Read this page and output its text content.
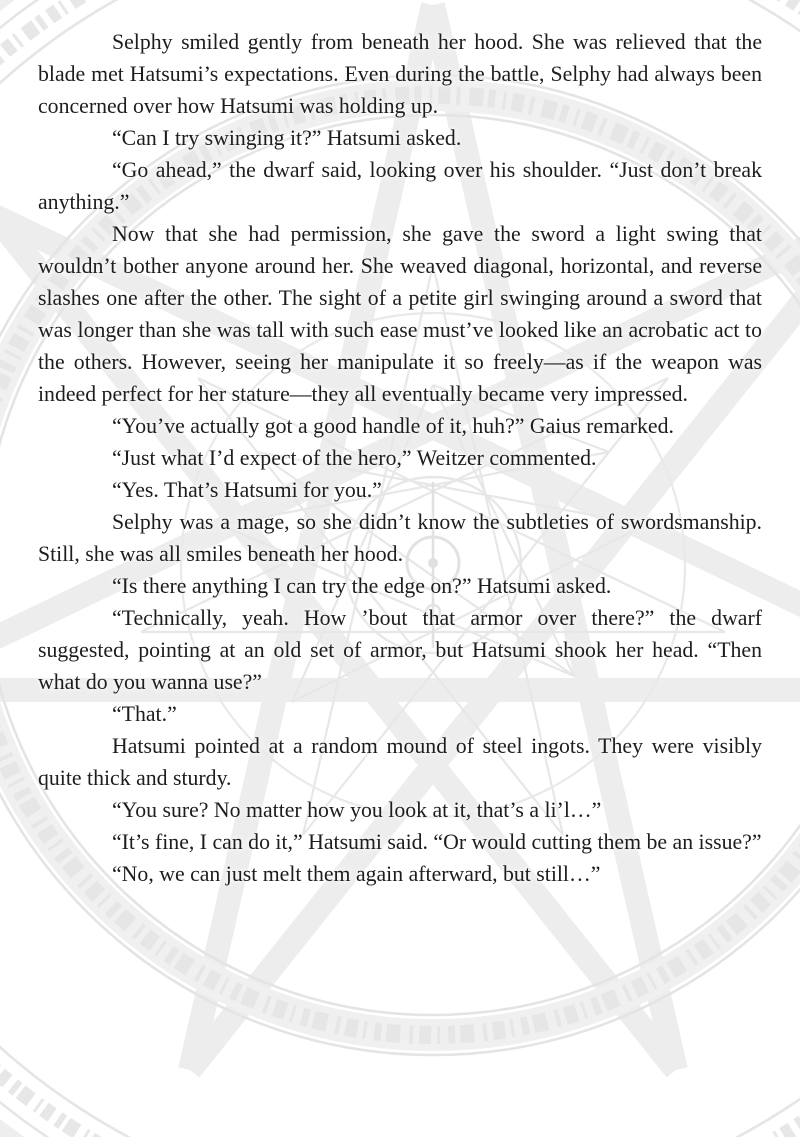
Selphy smiled gently from beneath her hood. She was relieved that the blade met Hatsumi’s expectations. Even during the battle, Selphy had always been concerned over how Hatsumi was holding up.

“Can I try swinging it?” Hatsumi asked.

“Go ahead,” the dwarf said, looking over his shoulder. “Just don’t break anything.”

Now that she had permission, she gave the sword a light swing that wouldn’t bother anyone around her. She weaved diagonal, horizontal, and reverse slashes one after the other. The sight of a petite girl swinging around a sword that was longer than she was tall with such ease must’ve looked like an acrobatic act to the others. However, seeing her manipulate it so freely—as if the weapon was indeed perfect for her stature—they all eventually became very impressed.

“You’ve actually got a good handle of it, huh?” Gaius remarked.

“Just what I’d expect of the hero,” Weitzer commented.

“Yes. That’s Hatsumi for you.”

Selphy was a mage, so she didn’t know the subtleties of swordsmanship. Still, she was all smiles beneath her hood.

“Is there anything I can try the edge on?” Hatsumi asked.

“Technically, yeah. How ’bout that armor over there?” the dwarf suggested, pointing at an old set of armor, but Hatsumi shook her head. “Then what do you wanna use?”

“That.”

Hatsumi pointed at a random mound of steel ingots. They were visibly quite thick and sturdy.

“You sure? No matter how you look at it, that’s a li’l…”

“It’s fine, I can do it,” Hatsumi said. “Or would cutting them be an issue?”

“No, we can just melt them again afterward, but still…”
